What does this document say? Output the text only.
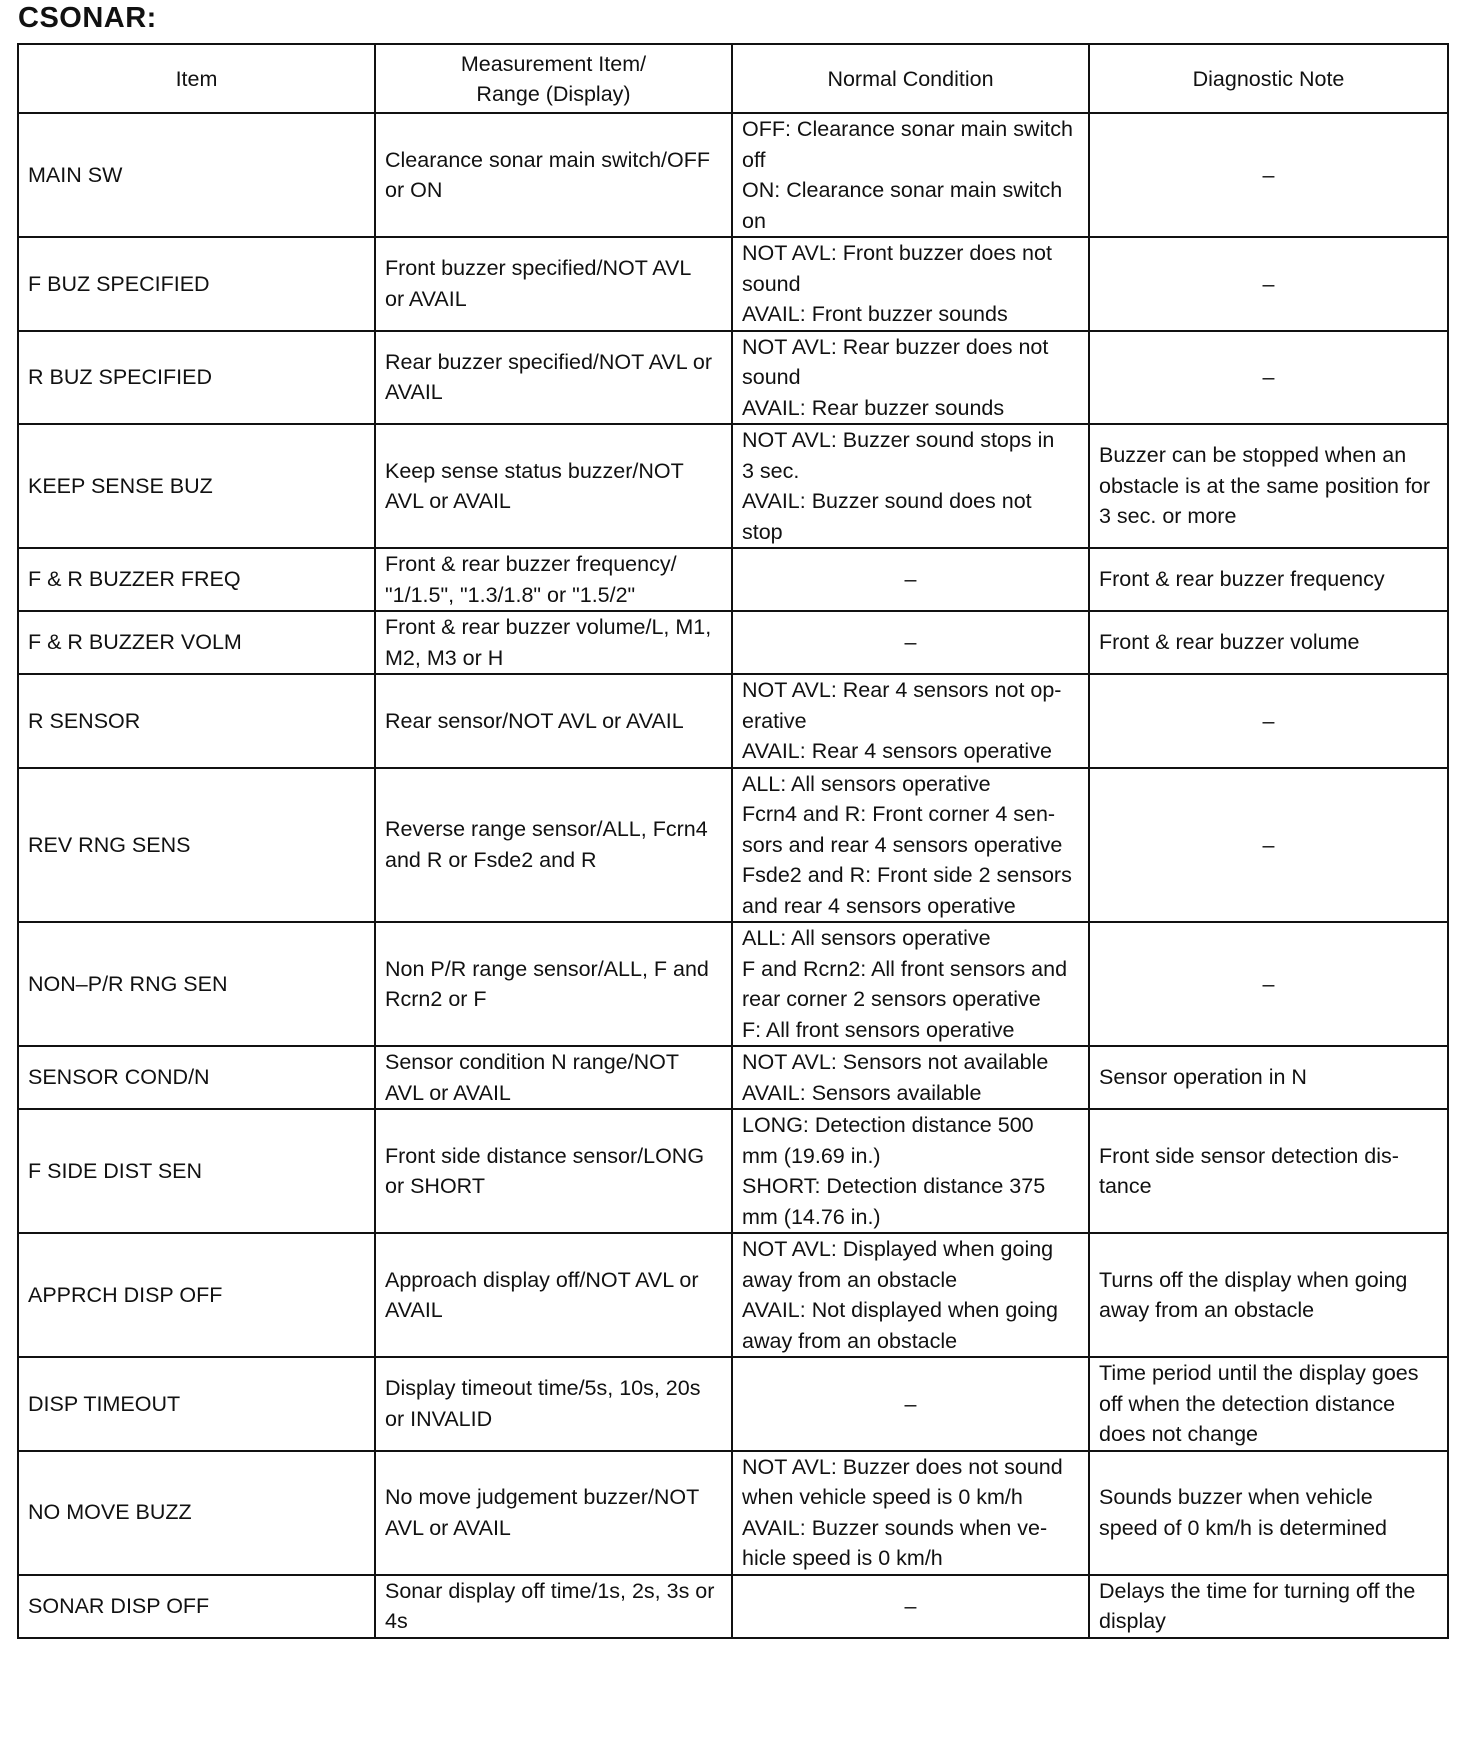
CSONAR:
Item	Measurement Item/
Range (Display)	Normal Condition	Diagnostic Note

MAIN SW	Clearance sonar main switch/OFF
or ON	OFF: Clearance sonar main switch
off
ON: Clearance sonar main switch
on	–

F BUZ SPECIFIED	Front buzzer specified/NOT AVL
or AVAIL	NOT AVL: Front buzzer does not
sound
AVAIL: Front buzzer sounds	–

R BUZ SPECIFIED	Rear buzzer specified/NOT AVL or
AVAIL	NOT AVL: Rear buzzer does not
sound
AVAIL: Rear buzzer sounds	–

KEEP SENSE BUZ	Keep sense status buzzer/NOT
AVL or AVAIL	NOT AVL: Buzzer sound stops in
3 sec.
AVAIL: Buzzer sound does not
stop	Buzzer can be stopped when an
obstacle is at the same position for
3 sec. or more

F & R BUZZER FREQ	Front & rear buzzer frequency/
"1/1.5", "1.3/1.8" or "1.5/2"	–	Front & rear buzzer frequency

F & R BUZZER VOLM	Front & rear buzzer volume/L, M1,
M2, M3 or H	–	Front & rear buzzer volume

R SENSOR	Rear sensor/NOT AVL or AVAIL	NOT AVL: Rear 4 sensors not op-
erative
AVAIL: Rear 4 sensors operative	–

REV RNG SENS	Reverse range sensor/ALL, Fcrn4
and R or Fsde2 and R	ALL: All sensors operative
Fcrn4 and R: Front corner 4 sen-
sors and rear 4 sensors operative
Fsde2 and R: Front side 2 sensors
and rear 4 sensors operative	–

NON–P/R RNG SEN	Non P/R range sensor/ALL, F and
Rcrn2 or F	ALL: All sensors operative
F and Rcrn2: All front sensors and
rear corner 2 sensors operative
F: All front sensors operative	–

SENSOR COND/N	Sensor condition N range/NOT
AVL or AVAIL	NOT AVL: Sensors not available
AVAIL: Sensors available	Sensor operation in N

F SIDE DIST SEN	Front side distance sensor/LONG
or SHORT	LONG: Detection distance 500
mm (19.69 in.)
SHORT: Detection distance 375
mm (14.76 in.)	Front side sensor detection dis-
tance

APPRCH DISP OFF	Approach display off/NOT AVL or
AVAIL	NOT AVL: Displayed when going
away from an obstacle
AVAIL: Not displayed when going
away from an obstacle	Turns off the display when going
away from an obstacle

DISP TIMEOUT	Display timeout time/5s, 10s, 20s
or INVALID	–	Time period until the display goes
off when the detection distance
does not change

NO MOVE BUZZ	No move judgement buzzer/NOT
AVL or AVAIL	NOT AVL: Buzzer does not sound
when vehicle speed is 0 km/h
AVAIL: Buzzer sounds when ve-
hicle speed is 0 km/h	Sounds buzzer when vehicle
speed of 0 km/h is determined

SONAR DISP OFF	Sonar display off time/1s, 2s, 3s or
4s	–	Delays the time for turning off the
display
